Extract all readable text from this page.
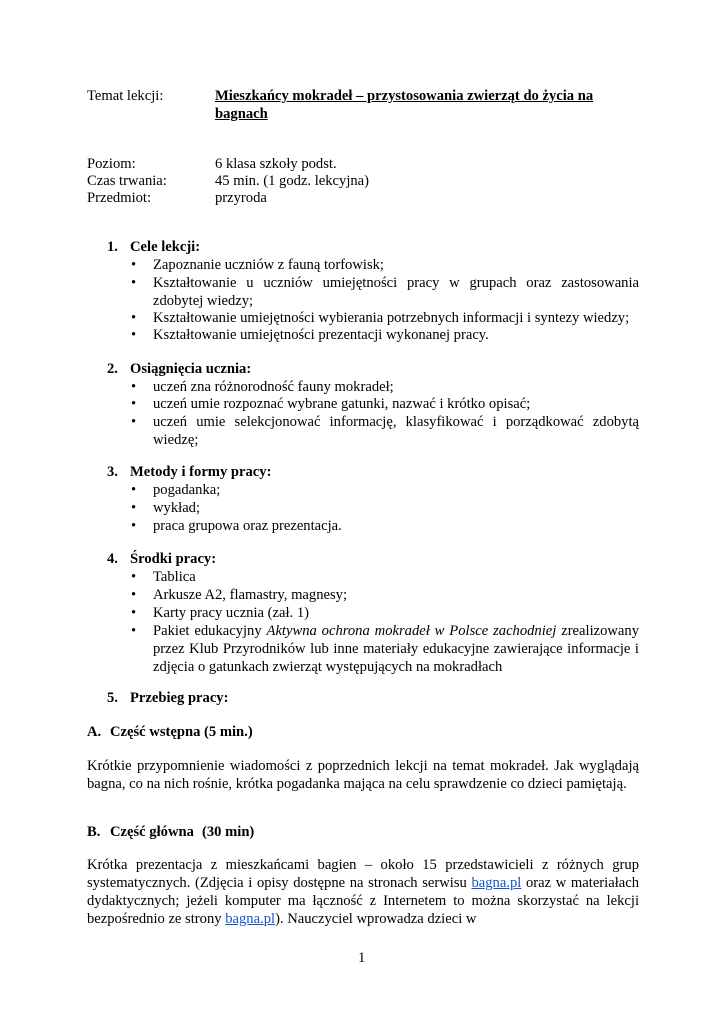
Temat lekcji:	Mieszkańcy mokradeł – przystosowania zwierząt do życia na bagnach
Poziom:	6 klasa szkoły podst.
Czas trwania:	45 min. (1 godz. lekcyjna)
Przedmiot:	przyroda
1. Cele lekcji:
• Zapoznanie uczniów z fauną torfowisk;
• Kształtowanie u uczniów umiejętności pracy w grupach oraz zastosowania zdobytej wiedzy;
• Kształtowanie umiejętności wybierania potrzebnych informacji i syntezy wiedzy;
• Kształtowanie umiejętności prezentacji wykonanej pracy.
2. Osiągnięcia ucznia:
• uczeń zna różnorodność fauny mokradeł;
• uczeń umie rozpoznać wybrane gatunki, nazwać i krótko opisać;
• uczeń umie selekcjonować informację, klasyfikować i porządkować zdobytą wiedzę;
3. Metody i formy pracy:
• pogadanka;
• wykład;
• praca grupowa oraz prezentacja.
4. Środki pracy:
• Tablica
• Arkusze A2, flamastry, magnesy;
• Karty pracy ucznia (zał. 1)
• Pakiet edukacyjny Aktywna ochrona mokradeł w Polsce zachodniej zrealizowany przez Klub Przyrodników lub inne materiały edukacyjne zawierające informacje i zdjęcia o gatunkach zwierząt występujących na mokradłach
5. Przebieg pracy:
A. Część wstępna (5 min.)
Krótkie przypomnienie wiadomości z poprzednich lekcji na temat mokradeł. Jak wyglądają bagna, co na nich rośnie, krótka pogadanka mająca na celu sprawdzenie co dzieci pamiętają.
B. Część główna (30 min)
Krótka prezentacja z mieszkańcami bagien – około 15 przedstawicieli z różnych grup systematycznych. (Zdjęcia i opisy dostępne na stronach serwisu bagna.pl oraz w materiałach dydaktycznych; jeżeli komputer ma łączność z Internetem to można skorzystać na lekcji bezpośrednio ze strony bagna.pl). Nauczyciel wprowadza dzieci w
1
